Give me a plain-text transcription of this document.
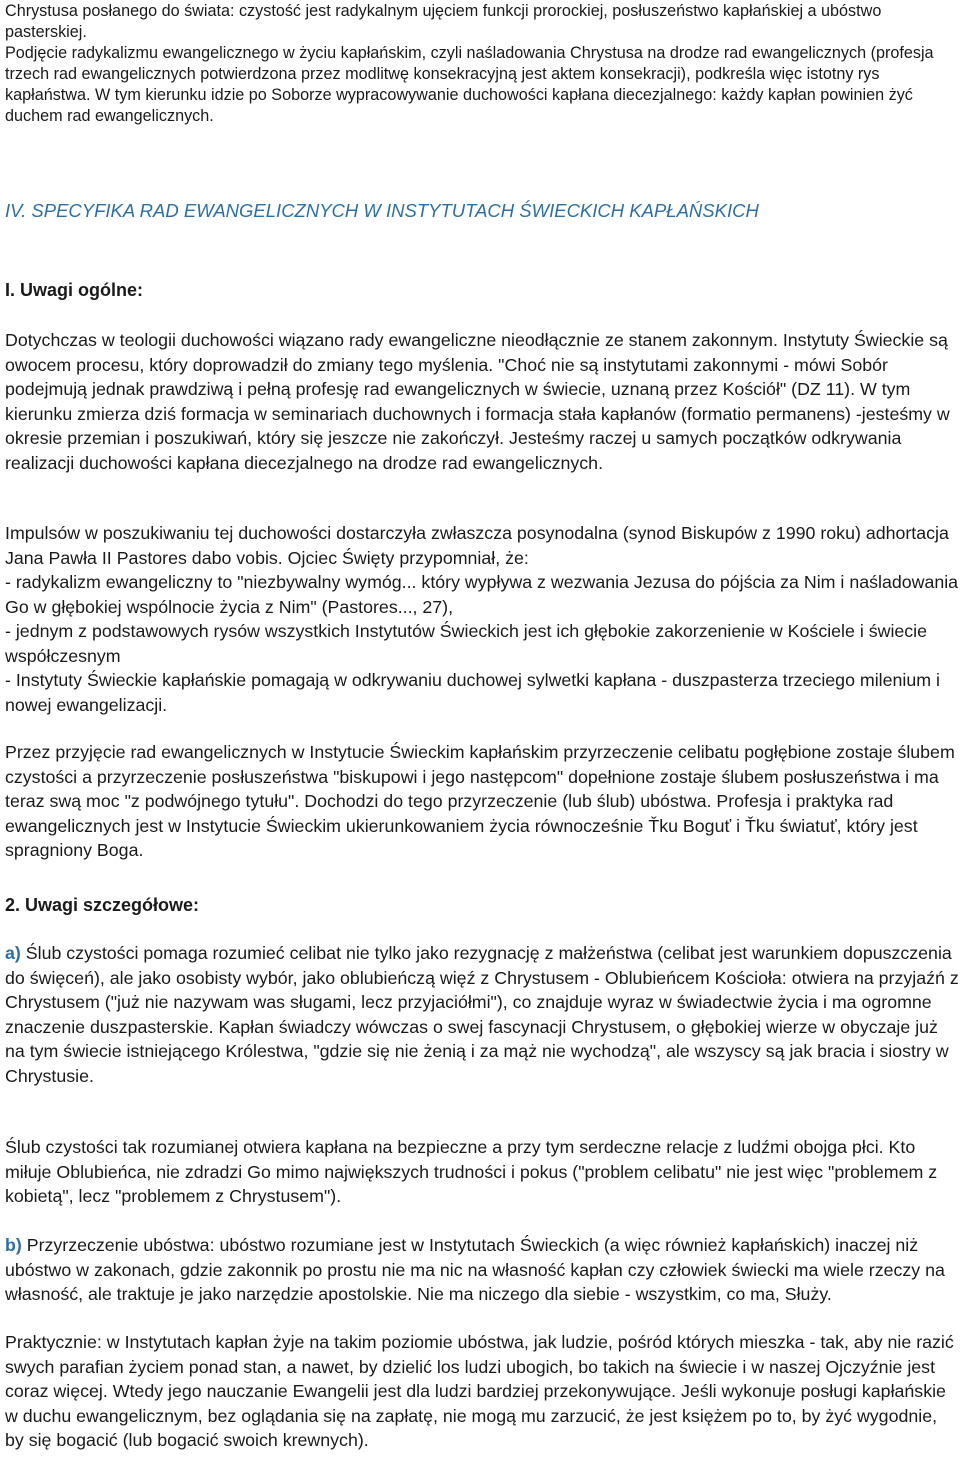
Chrystusa posłanego do świata: czystość jest radykalnym ujęciem funkcji prorockiej, posłuszeństwo kapłańskiej a ubóstwo pasterskiej.

Podjęcie radykalizmu ewangelicznego w życiu kapłańskim, czyli naśladowania Chrystusa na drodze rad ewangelicznych (profesja trzech rad ewangelicznych potwierdzona przez modlitwę konsekracyjną jest aktem konsekracji), podkreśla więc istotny rys kapłaństwa. W tym kierunku idzie po Soborze wypracowywanie duchowości kapłana diecezjalnego: każdy kapłan powinien żyć duchem rad ewangelicznych.

IV. SPECYFIKA RAD EWANGELICZNYCH W INSTYTUTACH ŚWIECKICH KAPŁAŃSKICH
I. Uwagi ogólne:

Dotychczas w teologii duchowości wiązano rady ewangeliczne nieodłącznie ze stanem zakonnym. Instytuty Świeckie są owocem procesu, który doprowadził do zmiany tego myślenia. "Choć nie są instytutami zakonnymi - mówi Sobór podejmują jednak prawdziwą i pełną profesję rad ewangelicznych w świecie, uznaną przez Kościół" (DZ 11). W tym kierunku zmierza dziś formacja w seminariach duchownych i formacja stała kapłanów (formatio permanens) -jesteśmy w okresie przemian i poszukiwań, który się jeszcze nie zakończył. Jesteśmy raczej u samych początków odkrywania realizacji duchowości kapłana diecezjalnego na drodze rad ewangelicznych.

Impulsów w poszukiwaniu tej duchowości dostarczyła zwłaszcza posynodalna (synod Biskupów z 1990 roku) adhortacja Jana Pawła II Pastores dabo vobis. Ojciec Święty przypomniał, że:
- radykalizm ewangeliczny to "niezbywalny wymóg... który wypływa z wezwania Jezusa do pójścia za Nim i naśladowania Go w głębokiej wspólnocie życia z Nim" (Pastores..., 27),
- jednym z podstawowych rysów wszystkich Instytutów Świeckich jest ich głębokie zakorzenienie w Kościele i świecie współczesnym
- Instytuty Świeckie kapłańskie pomagają w odkrywaniu duchowej sylwetki kapłana - duszpasterza trzeciego milenium i nowej ewangelizacji.

Przez przyjęcie rad ewangelicznych w Instytucie Świeckim kapłańskim przyrzeczenie celibatu pogłębione zostaje ślubem czystości a przyrzeczenie posłuszeństwa "biskupowi i jego następcom" dopełnione zostaje ślubem posłuszeństwa i ma teraz swą moc "z podwójnego tytułu". Dochodzi do tego przyrzeczenie (lub ślub) ubóstwa. Profesja i praktyka rad ewangelicznych jest w Instytucie Świeckim ukierunkowaniem życia równocześnie Ťku Boguť i Ťku światuť, który jest spragniony Boga.

2. Uwagi szczegółowe:

a) Ślub czystości pomaga rozumieć celibat nie tylko jako rezygnację z małżeństwa (celibat jest warunkiem dopuszczenia do święceń), ale jako osobisty wybór, jako oblubieńczą więź z Chrystusem - Oblubieńcem Kościoła: otwiera na przyjaźń z Chrystusem ("już nie nazywam was sługami, lecz przyjaciółmi"), co znajduje wyraz w świadectwie życia i ma ogromne znaczenie duszpasterskie. Kapłan świadczy wówczas o swej fascynacji Chrystusem, o głębokiej wierze w obyczaje już na tym świecie istniejącego Królestwa, "gdzie się nie żenią i za mąż nie wychodzą", ale wszyscy są jak bracia i siostry w Chrystusie.

Ślub czystości tak rozumianej otwiera kapłana na bezpieczne a przy tym serdeczne relacje z ludźmi obojga płci. Kto miłuje Oblubieńca, nie zdradzi Go mimo największych trudności i pokus ("problem celibatu" nie jest więc "problemem z kobietą", lecz "problemem z Chrystusem").

b) Przyrzeczenie ubóstwa: ubóstwo rozumiane jest w Instytutach Świeckich (a więc również kapłańskich) inaczej niż ubóstwo w zakonach, gdzie zakonnik po prostu nie ma nic na własność kapłan czy człowiek świecki ma wiele rzeczy na własność, ale traktuje je jako narzędzie apostolskie. Nie ma niczego dla siebie - wszystkim, co ma, Służy.

Praktycznie: w Instytutach kapłan żyje na takim poziomie ubóstwa, jak ludzie, pośród których mieszka - tak, aby nie razić swych parafian życiem ponad stan, a nawet, by dzielić los ludzi ubogich, bo takich na świecie i w naszej Ojczyźnie jest coraz więcej. Wtedy jego nauczanie Ewangelii jest dla ludzi bardziej przekonywujące. Jeśli wykonuje posługi kapłańskie w duchu ewangelicznym, bez oglądania się na zapłatę, nie mogą mu zarzucić, że jest księżem po to, by żyć wygodnie, by się bogacić (lub bogacić swoich krewnych).
